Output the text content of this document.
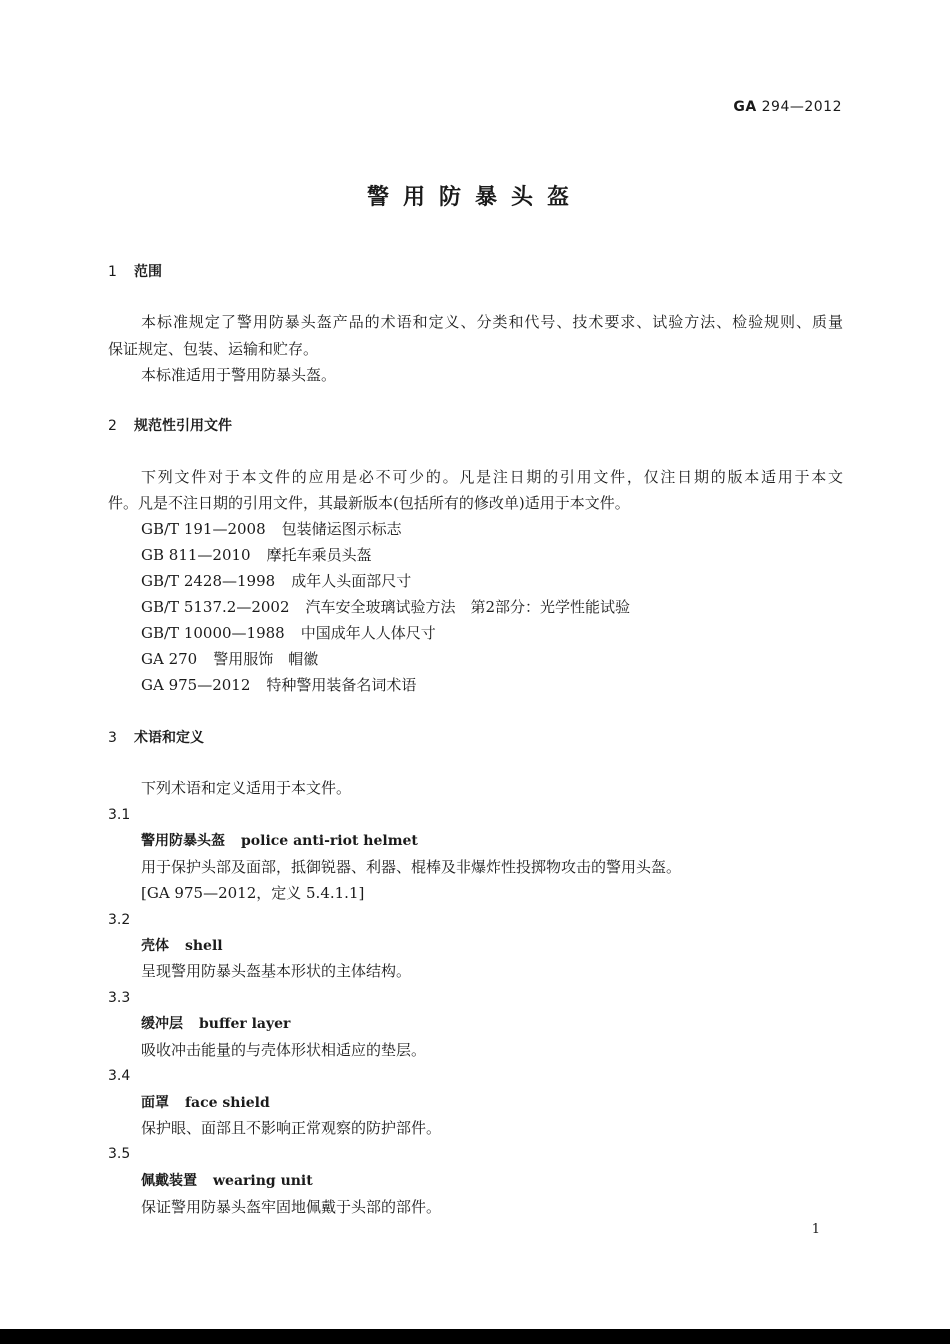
GA 294—2012
警用防暴头盔
1 范围
本标准规定了警用防暴头盔产品的术语和定义、分类和代号、技术要求、试验方法、检验规则、质量
保证规定、包装、运输和贮存。
本标准适用于警用防暴头盔。
2 规范性引用文件
下列文件对于本文件的应用是必不可少的。凡是注日期的引用文件，仅注日期的版本适用于本文
件。凡是不注日期的引用文件，其最新版本(包括所有的修改单)适用于本文件。
GB/T 191—2008 包装储运图示标志
GB 811—2010 摩托车乘员头盔
GB/T 2428—1998 成年人头面部尺寸
GB/T 5137.2—2002 汽车安全玻璃试验方法　第2部分：光学性能试验
GB/T 10000—1988 中国成年人人体尺寸
GA 270 警用服饰　帽徽
GA 975—2012 特种警用装备名词术语
3 术语和定义
下列术语和定义适用于本文件。
3.1
警用防暴头盔 police anti-riot helmet
用于保护头部及面部，抵御锐器、利器、棍棒及非爆炸性投掷物攻击的警用头盔。
[GA 975—2012，定义 5.4.1.1]
3.2
壳体 shell
呈现警用防暴头盔基本形状的主体结构。
3.3
缓冲层 buffer layer
吸收冲击能量的与壳体形状相适应的垫层。
3.4
面罩 face shield
保护眼、面部且不影响正常观察的防护部件。
3.5
佩戴装置 wearing unit
保证警用防暴头盔牢固地佩戴于头部的部件。
1
